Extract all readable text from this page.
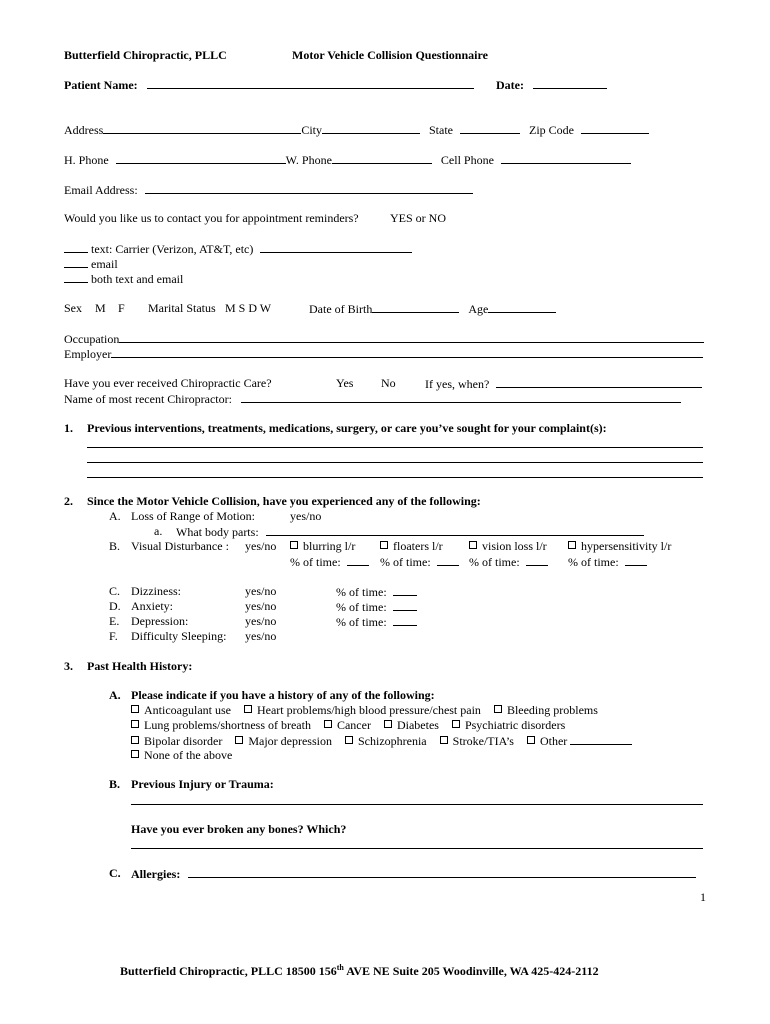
Butterfield Chiropractic, PLLC	Motor Vehicle Collision Questionnaire
Patient Name:	Date:
Address	City	State	Zip Code
H. Phone	W. Phone	Cell Phone
Email Address:
Would you like us to contact you for appointment reminders?	YES or NO
text: Carrier (Verizon, AT&T, etc)
email
both text and email
Sex M F Marital Status M S D W	Date of Birth	Age
Occupation
Employer
Have you ever received Chiropractic Care?	Yes No If yes, when?
Name of most recent Chiropractor:
1. Previous interventions, treatments, medications, surgery, or care you’ve sought for your complaint(s):
2. Since the Motor Vehicle Collision, have you experienced any of the following:
A. Loss of Range of Motion:	yes/no
a. What body parts:
B. Visual Disturbance : yes/no	blurring l/r	floaters l/r	vision loss l/r	hypersensitivity l/r
% of time:	% of time:	% of time:	% of time:
C. Dizziness:	yes/no	% of time:
D. Anxiety:	yes/no	% of time:
E. Depression:	yes/no	% of time:
F. Difficulty Sleeping: yes/no
3. Past Health History:
A. Please indicate if you have a history of any of the following:
Anticoagulant use Heart problems/high blood pressure/chest pain Bleeding problems
Lung problems/shortness of breath Cancer Diabetes Psychiatric disorders
Bipolar disorder Major depression Schizophrenia Stroke/TIA’s Other
None of the above
B. Previous Injury or Trauma:
Have you ever broken any bones? Which?
C. Allergies:
1
Butterfield Chiropractic, PLLC 18500 156th AVE NE Suite 205 Woodinville, WA 425-424-2112
